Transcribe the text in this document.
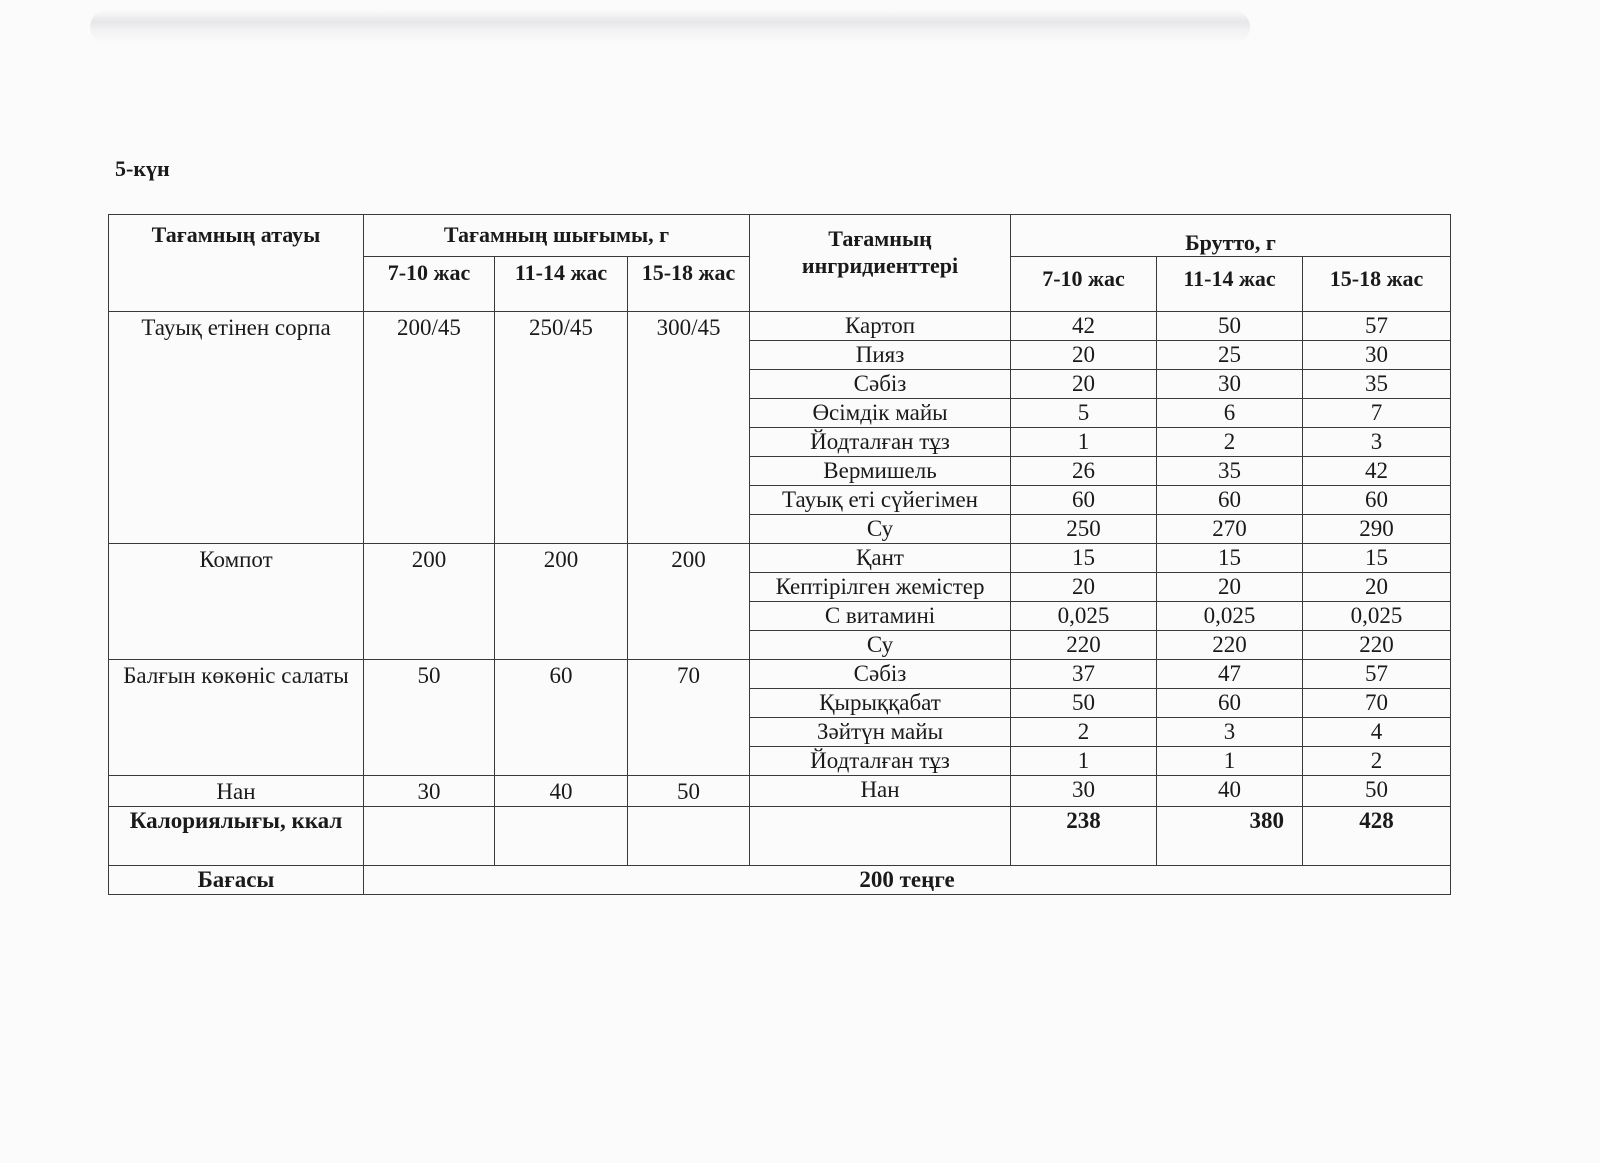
5-күн
Тағамның атауы	Тағамның шығымы, г			Тағамның ингридиенттері	Брутто, г		
	7-10 жас	11-14 жас	15-18 жас		7-10 жас	11-14 жас	15-18 жас
Тауық етінен сорпа	200/45	250/45	300/45	Картоп	42	50	57
				Пияз	20	25	30
				Сәбіз	20	30	35
				Өсімдік майы	5	6	7
				Йодталған тұз	1	2	3
				Вермишель	26	35	42
				Тауық еті сүйегімен	60	60	60
				Су	250	270	290
Компот	200	200	200	Қант	15	15	15
				Кептірілген жемістер	20	20	20
				С витамині	0,025	0,025	0,025
				Су	220	220	220
Балғын көкөніс салаты	50	60	70	Сәбіз	37	47	57
				Қырыққабат	50	60	70
				Зәйтүн майы	2	3	4
				Йодталған тұз	1	1	2
Нан	30	40	50	Нан	30	40	50
Калориялығы, ккал					238	380	428
Бағасы	200 теңге						
